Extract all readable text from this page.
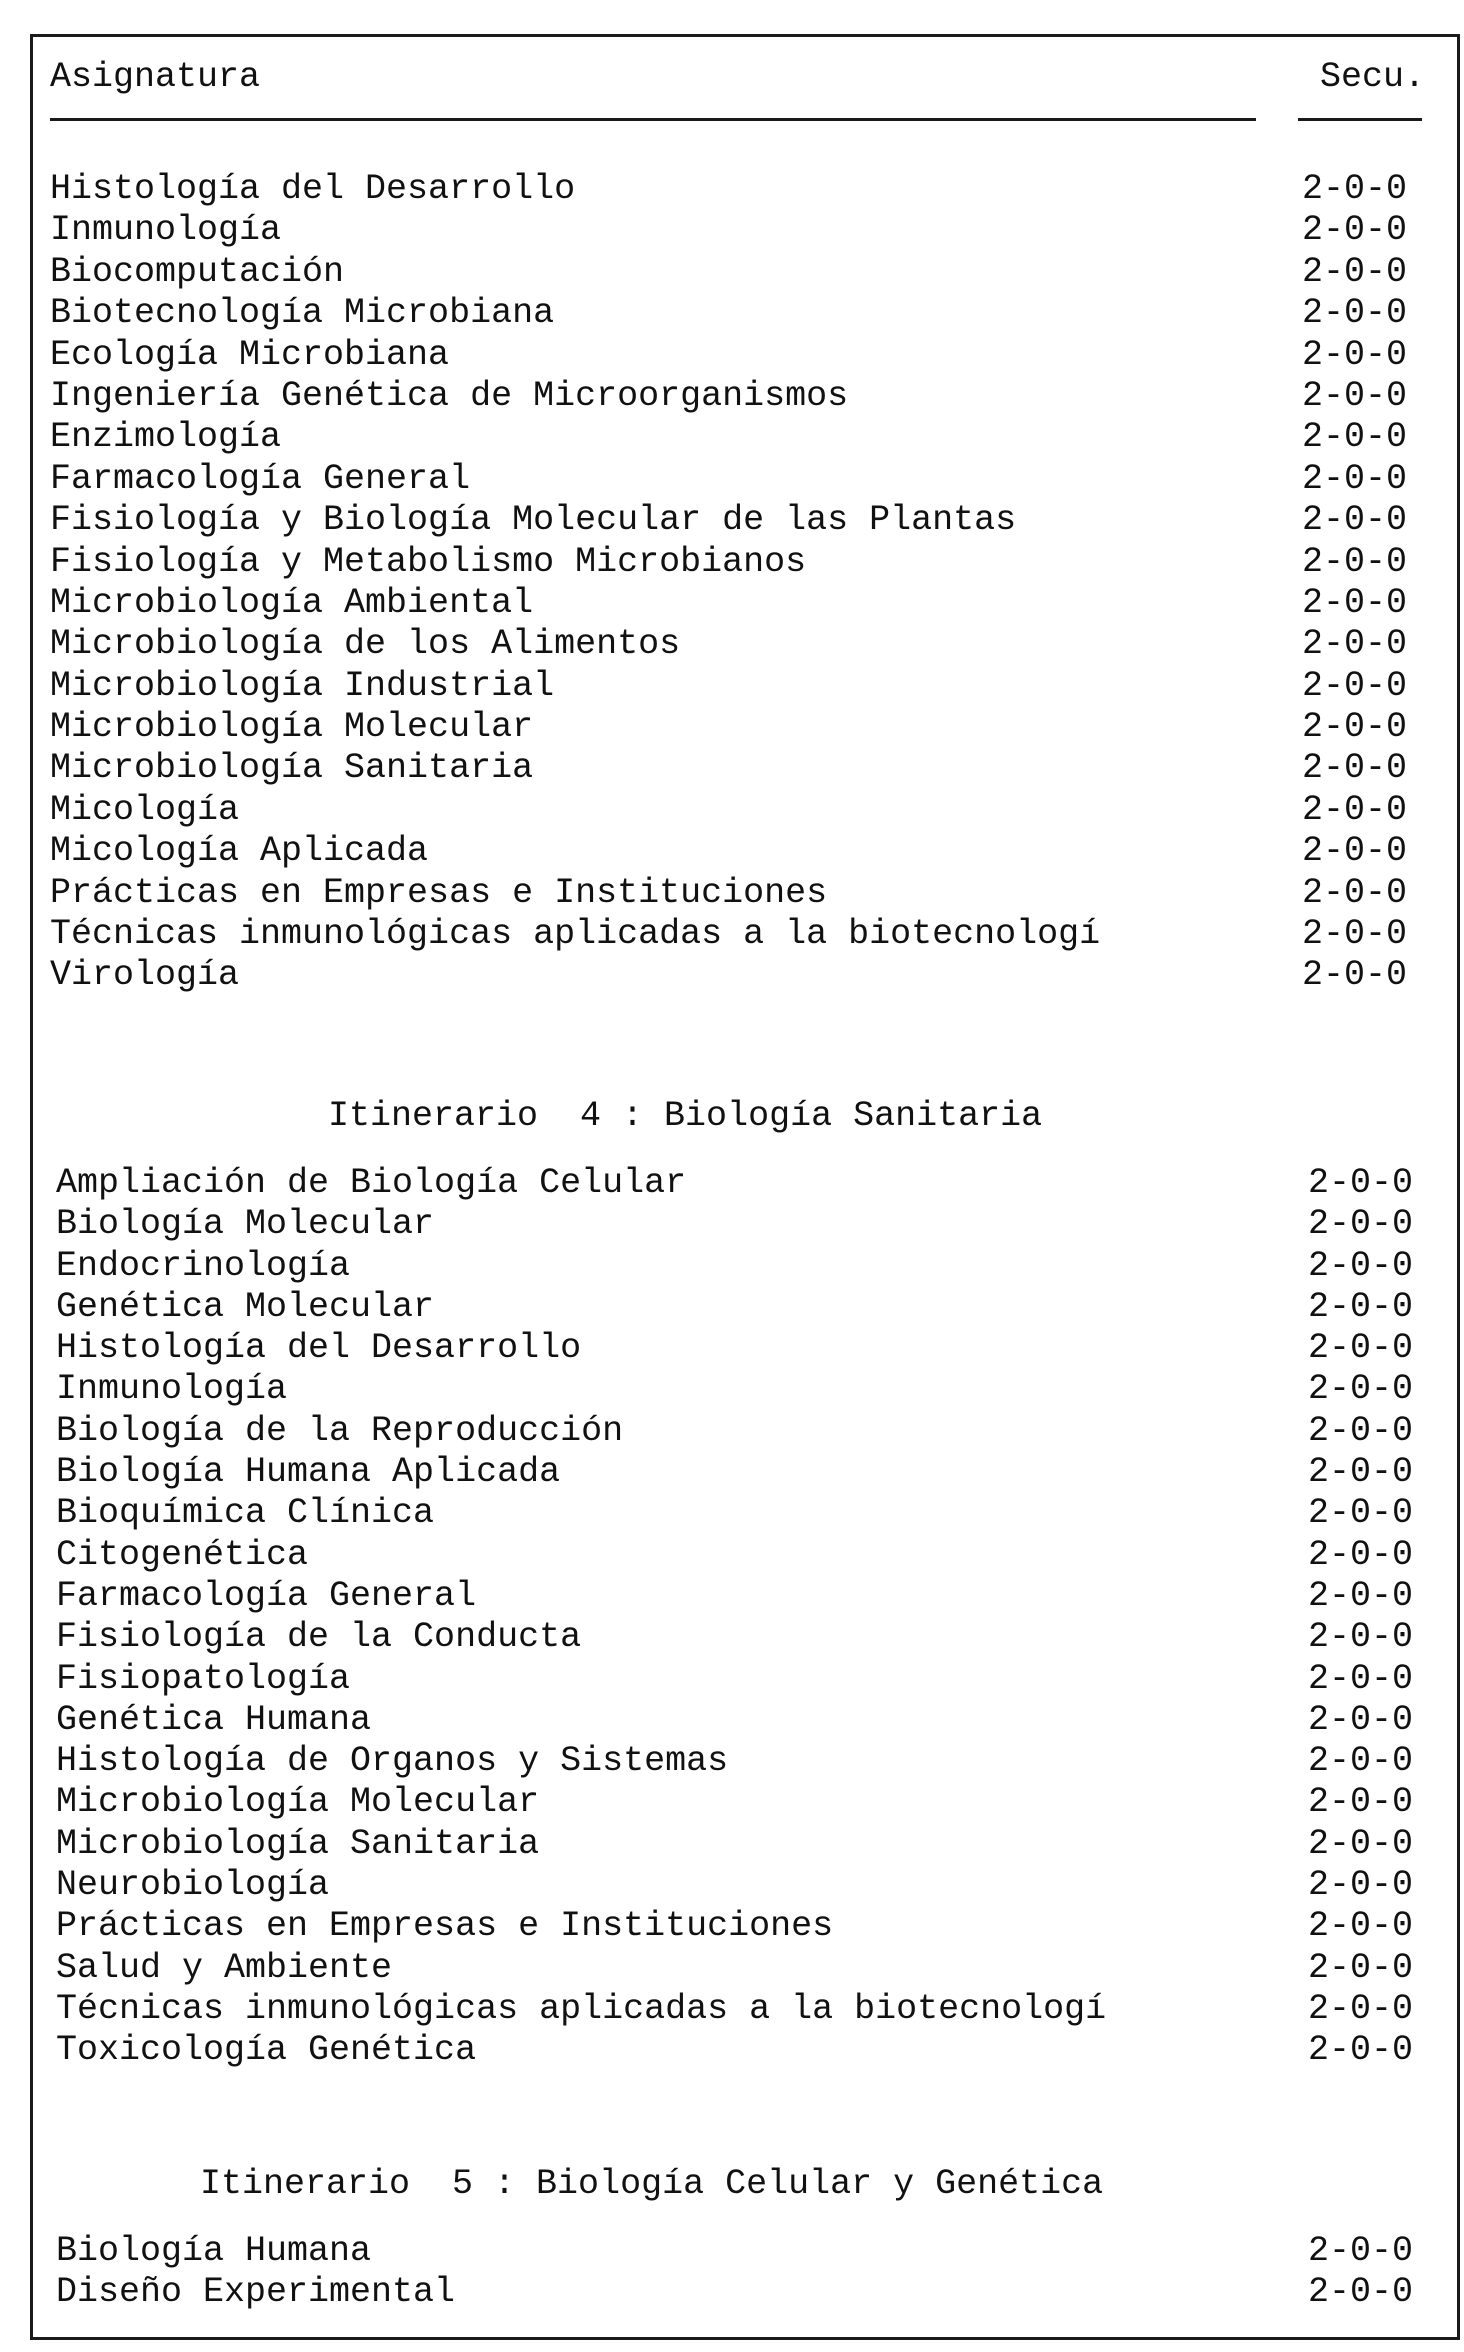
Asignatura	Secu.
Histología del Desarrollo	2-0-0
Inmunología	2-0-0
Biocomputación	2-0-0
Biotecnología Microbiana	2-0-0
Ecología Microbiana	2-0-0
Ingeniería Genética de Microorganismos	2-0-0
Enzimología	2-0-0
Farmacología General	2-0-0
Fisiología y Biología Molecular de las Plantas	2-0-0
Fisiología y Metabolismo Microbianos	2-0-0
Microbiología Ambiental	2-0-0
Microbiología de los Alimentos	2-0-0
Microbiología Industrial	2-0-0
Microbiología Molecular	2-0-0
Microbiología Sanitaria	2-0-0
Micología	2-0-0
Micología Aplicada	2-0-0
Prácticas en Empresas e Instituciones	2-0-0
Técnicas inmunológicas aplicadas a la biotecnologí	2-0-0
Virología	2-0-0
Itinerario  4 : Biología Sanitaria
Ampliación de Biología Celular	2-0-0
Biología Molecular	2-0-0
Endocrinología	2-0-0
Genética Molecular	2-0-0
Histología del Desarrollo	2-0-0
Inmunología	2-0-0
Biología de la Reproducción	2-0-0
Biología Humana Aplicada	2-0-0
Bioquímica Clínica	2-0-0
Citogenética	2-0-0
Farmacología General	2-0-0
Fisiología de la Conducta	2-0-0
Fisiopatología	2-0-0
Genética Humana	2-0-0
Histología de Organos y Sistemas	2-0-0
Microbiología Molecular	2-0-0
Microbiología Sanitaria	2-0-0
Neurobiología	2-0-0
Prácticas en Empresas e Instituciones	2-0-0
Salud y Ambiente	2-0-0
Técnicas inmunológicas aplicadas a la biotecnologí	2-0-0
Toxicología Genética	2-0-0
Itinerario  5 : Biología Celular y Genética
Biología Humana	2-0-0
Diseño Experimental	2-0-0
